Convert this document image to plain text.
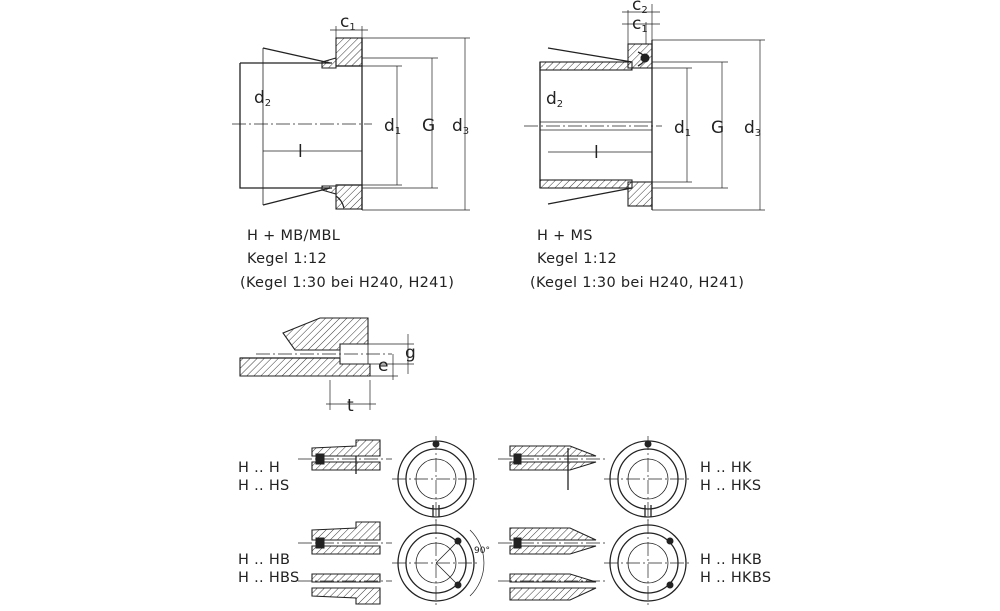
c1
d2
l
d1 G d3
c2
c1
d2
l
d1 G d3
H + MB/MBL
Kegel 1:12
(Kegel 1:30 bei H240, H241)
H + MS
Kegel 1:12
(Kegel 1:30 bei H240, H241)
g
e
t
90°
H .. H
H .. HS
H .. HK
H .. HKS
H .. HB
H .. HBS
H .. HKB
H .. HKBS
